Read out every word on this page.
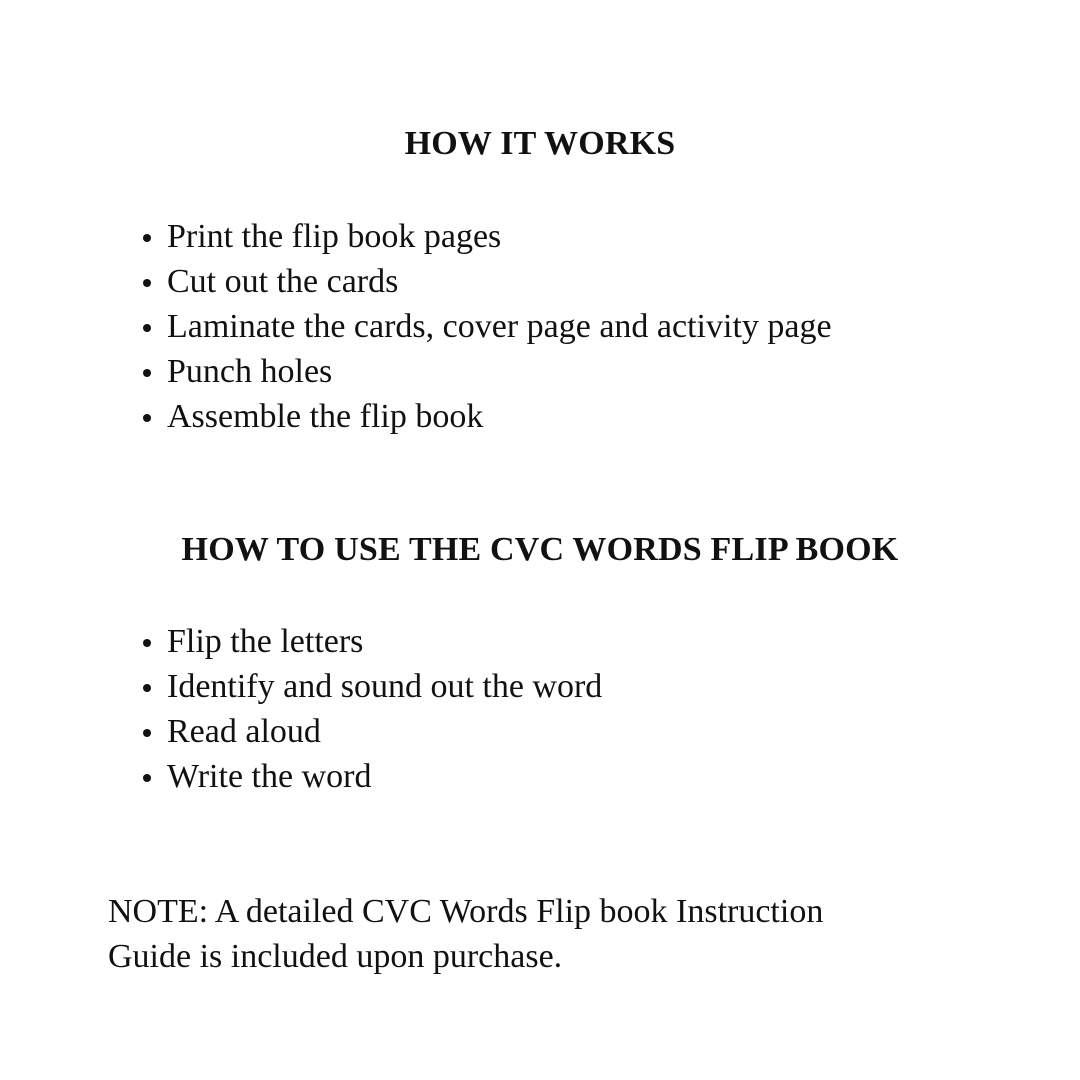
HOW IT WORKS
Print the flip book pages
Cut out the cards
Laminate the cards, cover page and activity page
Punch holes
Assemble the flip book
HOW TO USE THE CVC WORDS FLIP BOOK
Flip the letters
Identify and sound out the word
Read aloud
Write the word

NOTE: A detailed CVC Words Flip book Instruction
Guide is included upon purchase.
